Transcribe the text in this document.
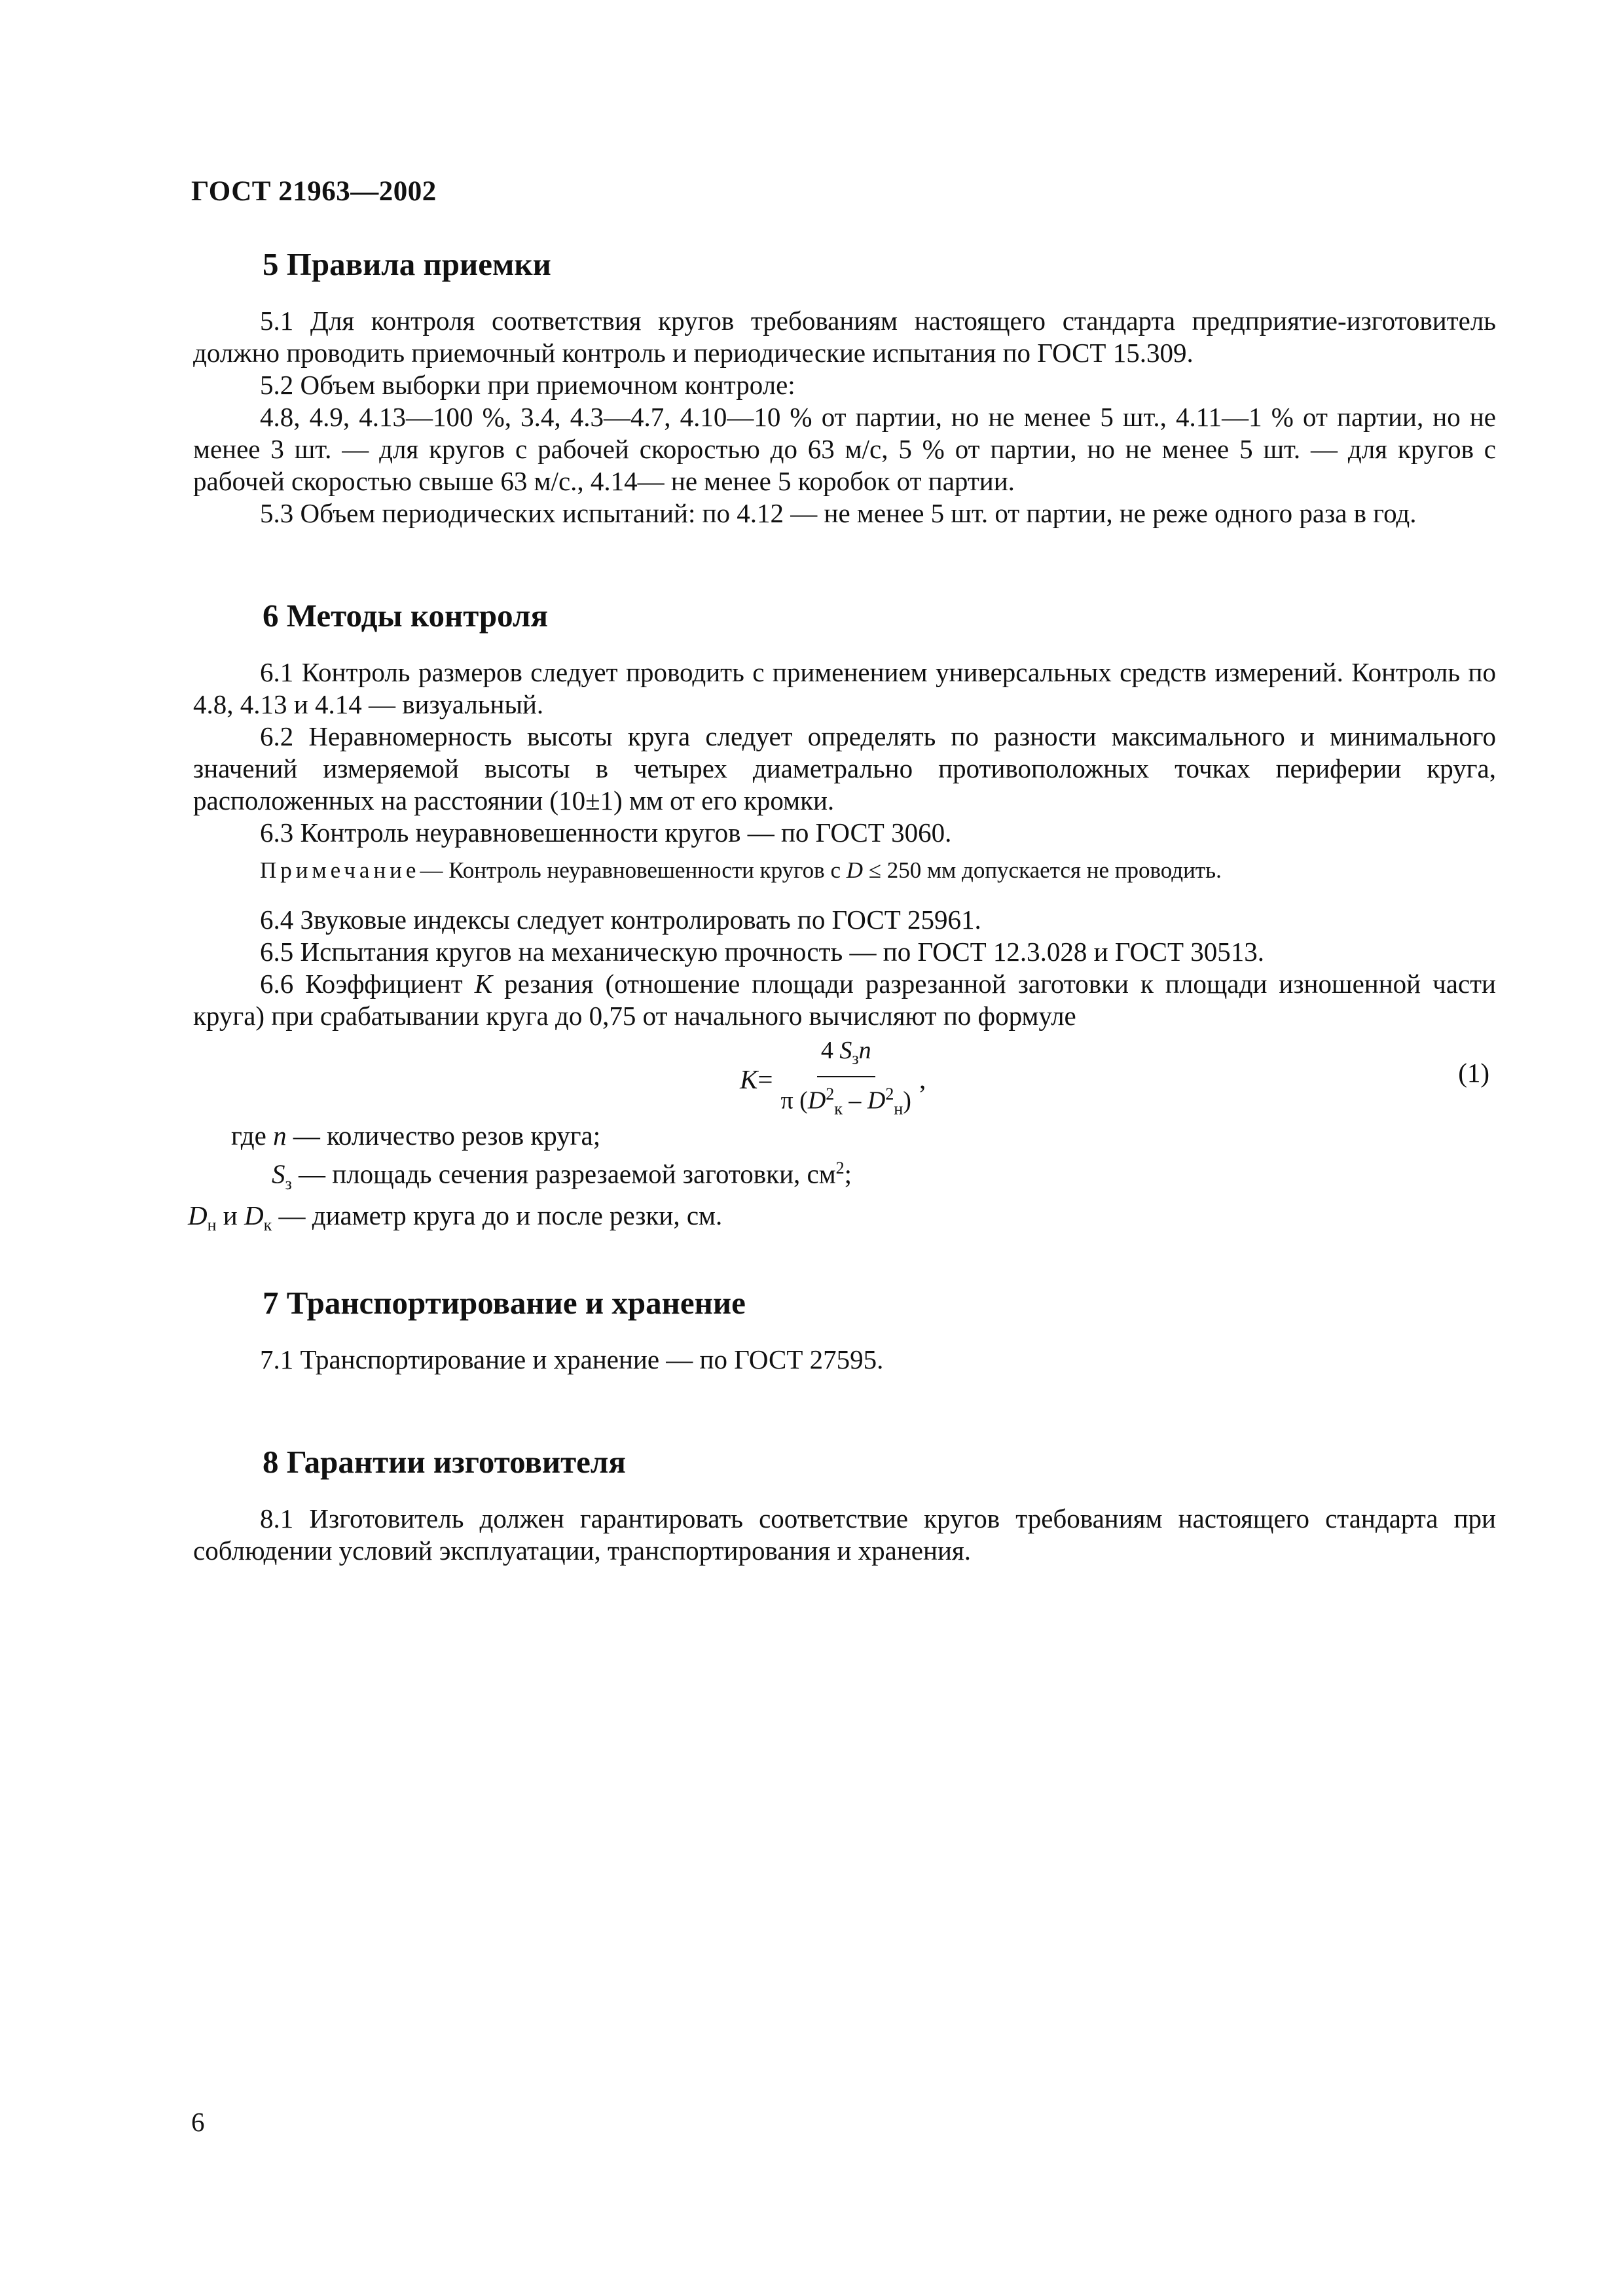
ГОСТ 21963—2002
5 Правила приемки

5.1 Для контроля соответствия кругов требованиям настоящего стандарта предприятие-изготовитель должно проводить приемочный контроль и периодические испытания по ГОСТ 15.309.

5.2 Объем выборки при приемочном контроле:

4.8, 4.9, 4.13—100 %, 3.4, 4.3—4.7, 4.10—10 % от партии, но не менее 5 шт., 4.11—1 % от партии, но не менее 3 шт. — для кругов с рабочей скоростью до 63 м/с, 5 % от партии, но не менее 5 шт. — для кругов с рабочей скоростью свыше 63 м/с., 4.14— не менее 5 коробок от партии.

5.3 Объем периодических испытаний: по 4.12 — не менее 5 шт. от партии, не реже одного раза в год.

6 Методы контроля

6.1 Контроль размеров следует проводить с применением универсальных средств измерений. Контроль по 4.8, 4.13 и 4.14 — визуальный.

6.2 Неравномерность высоты круга следует определять по разности максимального и минимального значений измеряемой высоты в четырех диаметрально противоположных точках периферии круга, расположенных на расстоянии (10±1) мм от его кромки.

6.3 Контроль неуравновешенности кругов — по ГОСТ 3060.

Примечание— Контроль неуравновешенности кругов с D ≤ 250 мм допускается не проводить.

6.4 Звуковые индексы следует контролировать по ГОСТ 25961.

6.5 Испытания кругов на механическую прочность — по ГОСТ 12.3.028 и ГОСТ 30513.

6.6 Коэффициент K резания (отношение площади разрезанной заготовки к площади изношенной части круга) при срабатывании круга до 0,75 от начального вычисляют по формуле

$K = \frac{4 S_зn}{\pi (D^2_к - D^2_н)}$ ,	(1)
где n — количество резов круга;
$S_з$ — площадь сечения разрезаемой заготовки, $см^2$;
$D_н$ и $D_к$ — диаметр круга до и после резки, см.
7 Транспортирование и хранение

7.1 Транспортирование и хранение — по ГОСТ 27595.

8 Гарантии изготовителя

8.1 Изготовитель должен гарантировать соответствие кругов требованиям настоящего стандарта при соблюдении условий эксплуатации, транспортирования и хранения.

6
